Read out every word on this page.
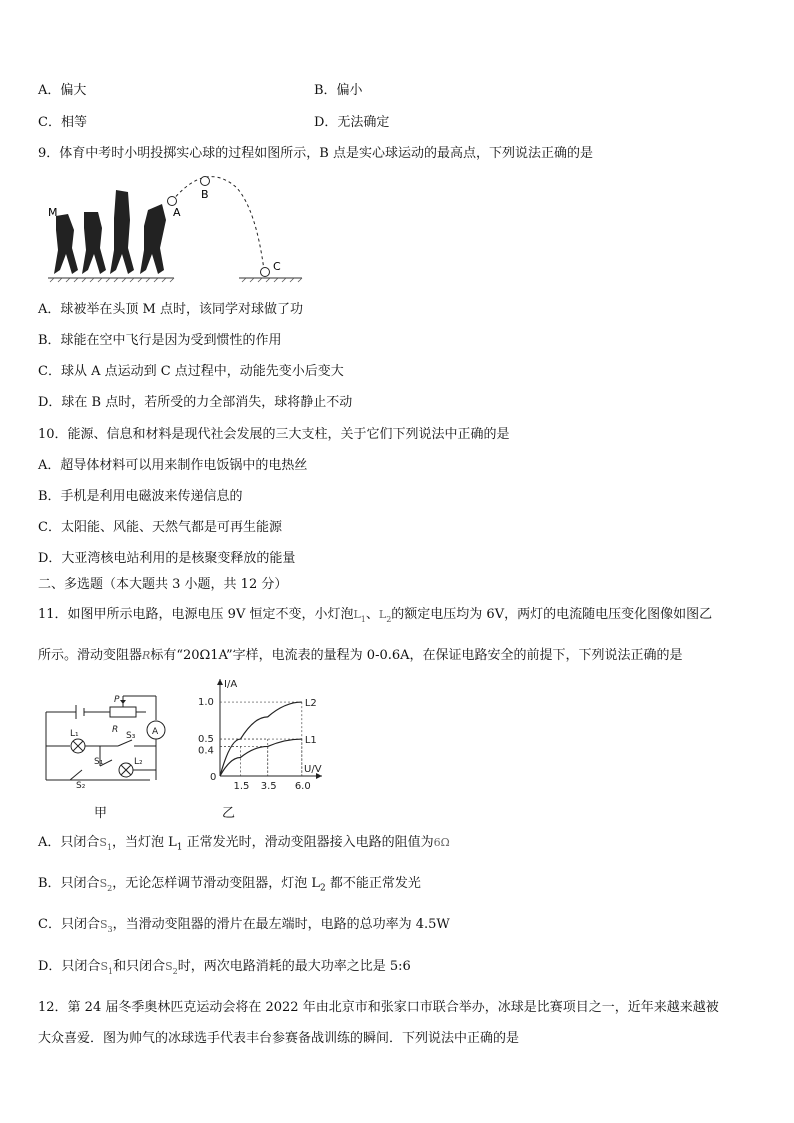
A．偏大	B．偏小
C．相等	D．无法确定
9．体育中考时小明投掷实心球的过程如图所示，B 点是实心球运动的最高点，下列说法正确的是
M	A
B
C
A．球被举在头顶 M 点时，该同学对球做了功
B．球能在空中飞行是因为受到惯性的作用
C．球从 A 点运动到 C 点过程中，动能先变小后变大
D．球在 B 点时，若所受的力全部消失，球将静止不动
10．能源、信息和材料是现代社会发展的三大支柱，关于它们下列说法中正确的是
A．超导体材料可以用来制作电饭锅中的电热丝
B．手机是利用电磁波来传递信息的
C．太阳能、风能、天然气都是可再生能源
D．大亚湾核电站利用的是核聚变释放的能量
二、多选题（本大题共 3 小题，共 12 分）
11．如图甲所示电路，电源电压 9V 恒定不变，小灯泡$L_1$、$L_2$的额定电压均为 6V，两灯的电流随电压变化图像如图乙
所示。滑动变阻器R标有“20Ω1A”字样，电流表的量程为 0-0.6A，在保证电路安全的前提下，下列说法正确的是
P
R	A
S₃
S₁
S₂
L₁
L₂
甲
L2
L1
1.5 3.5 6.0
1.0
0.5
0.4
0
U/V
I/A
乙
A．只闭合$S_1$，当灯泡 $L_1$ 正常发光时，滑动变阻器接入电路的阻值为6Ω
B．只闭合$S_2$，无论怎样调节滑动变阻器，灯泡 $L_2$ 都不能正常发光
C．只闭合$S_3$，当滑动变阻器的滑片在最左端时，电路的总功率为 4.5W
D．只闭合$S_1$和只闭合$S_2$时，两次电路消耗的最大功率之比是 5:6
12．第 24 届冬季奥林匹克运动会将在 2022 年由北京市和张家口市联合举办，冰球是比赛项目之一，近年来越来越被
大众喜爱．图为帅气的冰球选手代表丰台参赛备战训练的瞬间．下列说法中正确的是
